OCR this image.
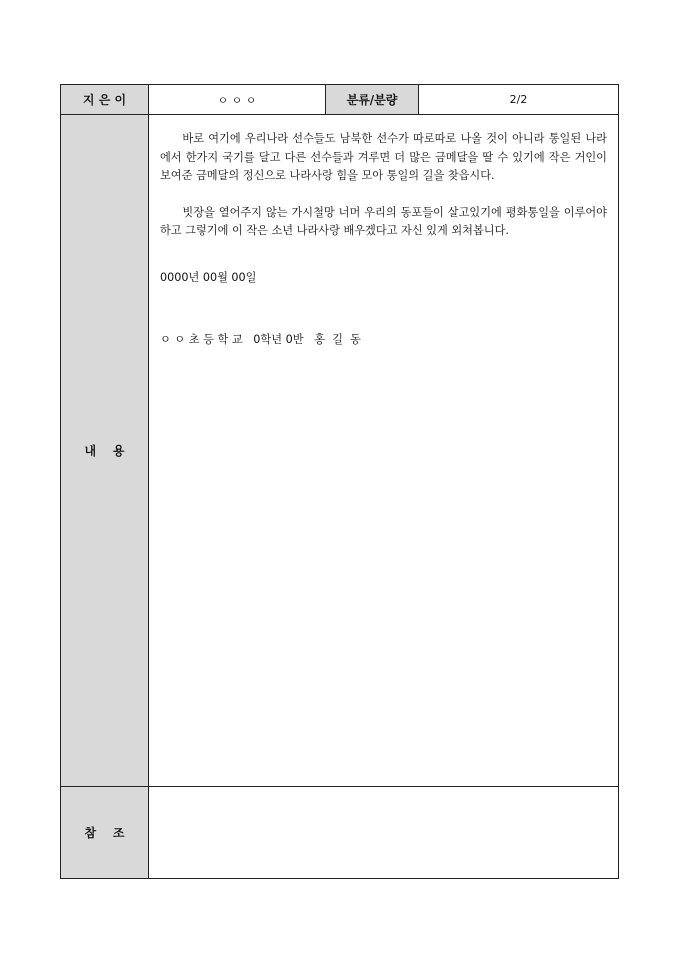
지 은 이	ㅇ ㅇ ㅇ	분류/분량	2/2
내    용	바로 여기에 우리나라 선수들도 남북한 선수가 따로따로 나올 것이 아니라 통일된 나라에서 한가지 국기를 달고 다른 선수들과 겨루면 더 많은 금메달을 딸 수 있기에 작은 거인이 보여준 금메달의 정신으로 나라사랑 힘을 모아 통일의 길을 찾읍시다.

빗장을 열어주지 않는 가시철망 너머 우리의 동포들이 살고있기에 평화통일을 이루어야 하고 그렇기에 이 작은 소년 나라사랑 배우겠다고 자신 있게 외쳐봅니다.

0000년 00월 00일

ㅇ ㅇ 초 등 학 교   0학년 0반   홍  길  동		

참    조			
